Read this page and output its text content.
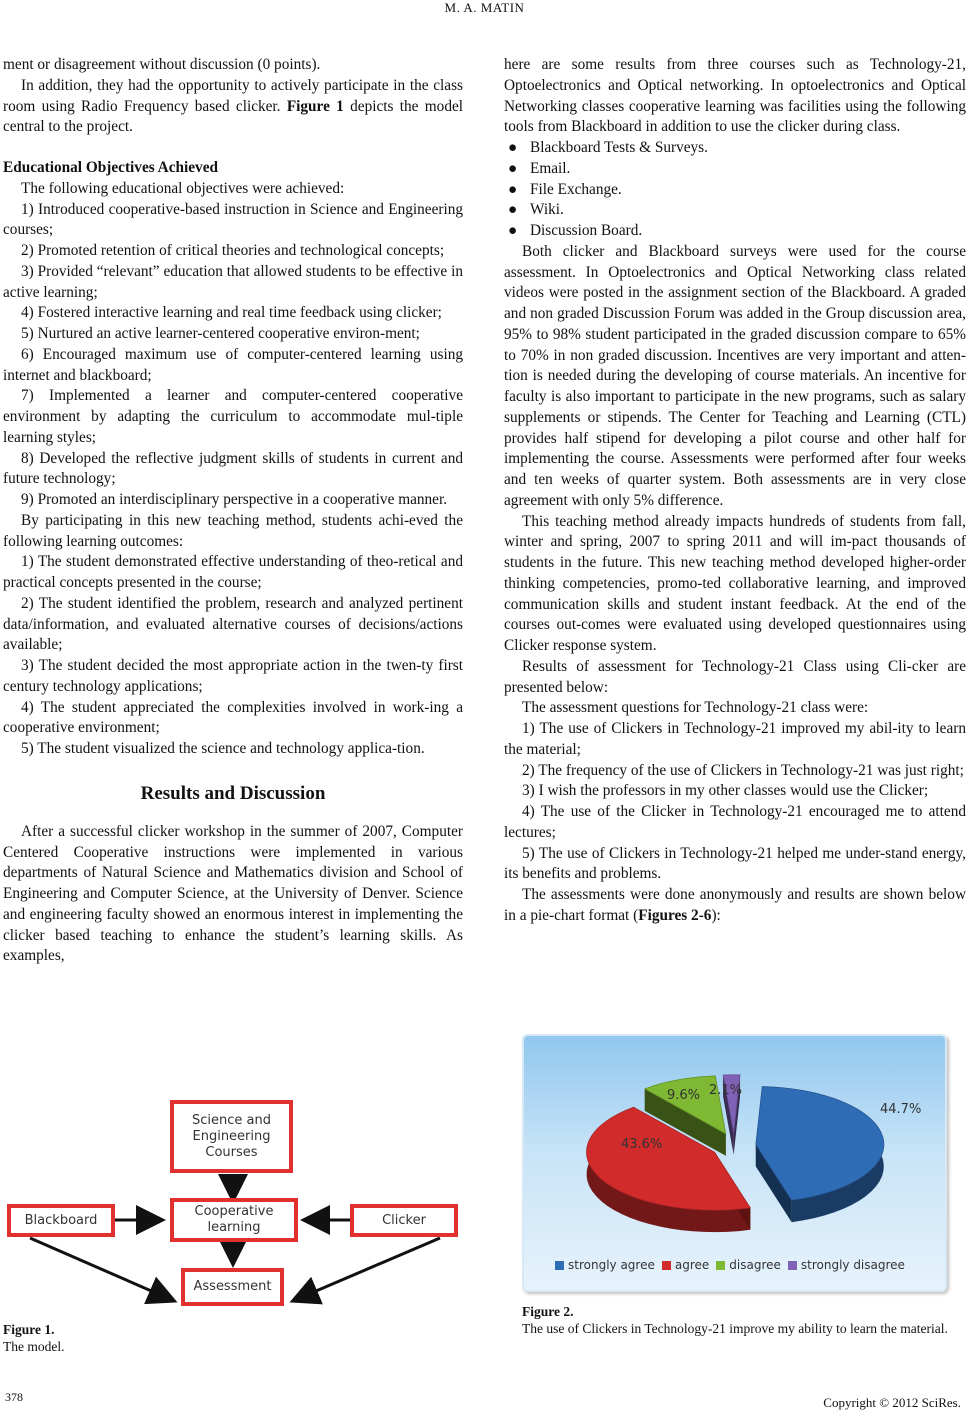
M. A. MATIN

ment or disagreement without discussion (0 points).

In addition, they had the opportunity to actively participate in the class room using Radio Frequency based clicker. Figure 1 depicts the model central to the project.

Educational Objectives Achieved

The following educational objectives were achieved:

1) Introduced cooperative-based instruction in Science and Engineering courses;

2) Promoted retention of critical theories and technological concepts;

3) Provided “relevant” education that allowed students to be effective in active learning;

4) Fostered interactive learning and real time feedback using clicker;

5) Nurtured an active learner-centered cooperative environ-ment;

6) Encouraged maximum use of computer-centered learning using internet and blackboard;

7) Implemented a learner and computer-centered cooperative environment by adapting the curriculum to accommodate mul-tiple learning styles;

8) Developed the reflective judgment skills of students in current and future technology;

9) Promoted an interdisciplinary perspective in a cooperative manner.

By participating in this new teaching method, students achi-eved the following learning outcomes:

1) The student demonstrated effective understanding of theo-retical and practical concepts presented in the course;

2) The student identified the problem, research and analyzed pertinent data/information, and evaluated alternative courses of decisions/actions available;

3) The student decided the most appropriate action in the twen-ty first century technology applications;

4) The student appreciated the complexities involved in work-ing a cooperative environment;

5) The student visualized the science and technology applica-tion.

Results and Discussion

After a successful clicker workshop in the summer of 2007, Computer Centered Cooperative instructions were implemented in various departments of Natural Science and Mathematics division and School of Engineering and Computer Science, at the University of Denver. Science and engineering faculty showed an enormous interest in implementing the clicker based teaching to enhance the student’s learning skills. As examples,

Science and Engineering Courses
Cooperative learning
Blackboard	Clicker
Assessment
Figure 1.
The model.

here are some results from three courses such as Technology-21, Optoelectronics and Optical networking. In optoelectronics and Optical Networking classes cooperative learning was facilities using the following tools from Blackboard in addition to use the clicker during class.

● Blackboard Tests & Surveys.
● Email.
● File Exchange.
● Wiki.
● Discussion Board.

Both clicker and Blackboard surveys were used for the course assessment. In Optoelectronics and Optical Networking class related videos were posted in the assignment section of the Blackboard. A graded and non graded Discussion Forum was added in the Group discussion area, 95% to 98% student participated in the graded discussion compare to 65% to 70% in non graded discussion. Incentives are very important and atten-tion is needed during the developing of course materials. An incentive for faculty is also important to participate in the new programs, such as salary supplements or stipends. The Center for Teaching and Learning (CTL) provides half stipend for developing a pilot course and other half for implementing the course. Assessments were performed after four weeks and ten weeks of quarter system. Both assessments are in very close agreement with only 5% difference.

This teaching method already impacts hundreds of students from fall, winter and spring, 2007 to spring 2011 and will im-pact thousands of students in the future. This new teaching method developed higher-order thinking competencies, promo-ted collaborative learning, and improved communication skills and student instant feedback. At the end of the courses out-comes were evaluated using developed questionnaires using Clicker response system.

Results of assessment for Technology-21 Class using Cli-cker are presented below:

The assessment questions for Technology-21 class were:

1) The use of Clickers in Technology-21 improved my abil-ity to learn the material;

2) The frequency of the use of Clickers in Technology-21 was just right;

3) I wish the professors in my other classes would use the Clicker;

4) The use of the Clicker in Technology-21 encouraged me to attend lectures;

5) The use of Clickers in Technology-21 helped me under-stand energy, its benefits and problems.

The assessments were done anonymously and results are shown below in a pie-chart format (Figures 2-6):

44.7%
43.6%
9.6% 2.1%
strongly agree	agree	disagree	strongly disagree
Figure 2.
The use of Clickers in Technology-21 improve my ability to learn the material.
378	Copyright © 2012 SciRes.
